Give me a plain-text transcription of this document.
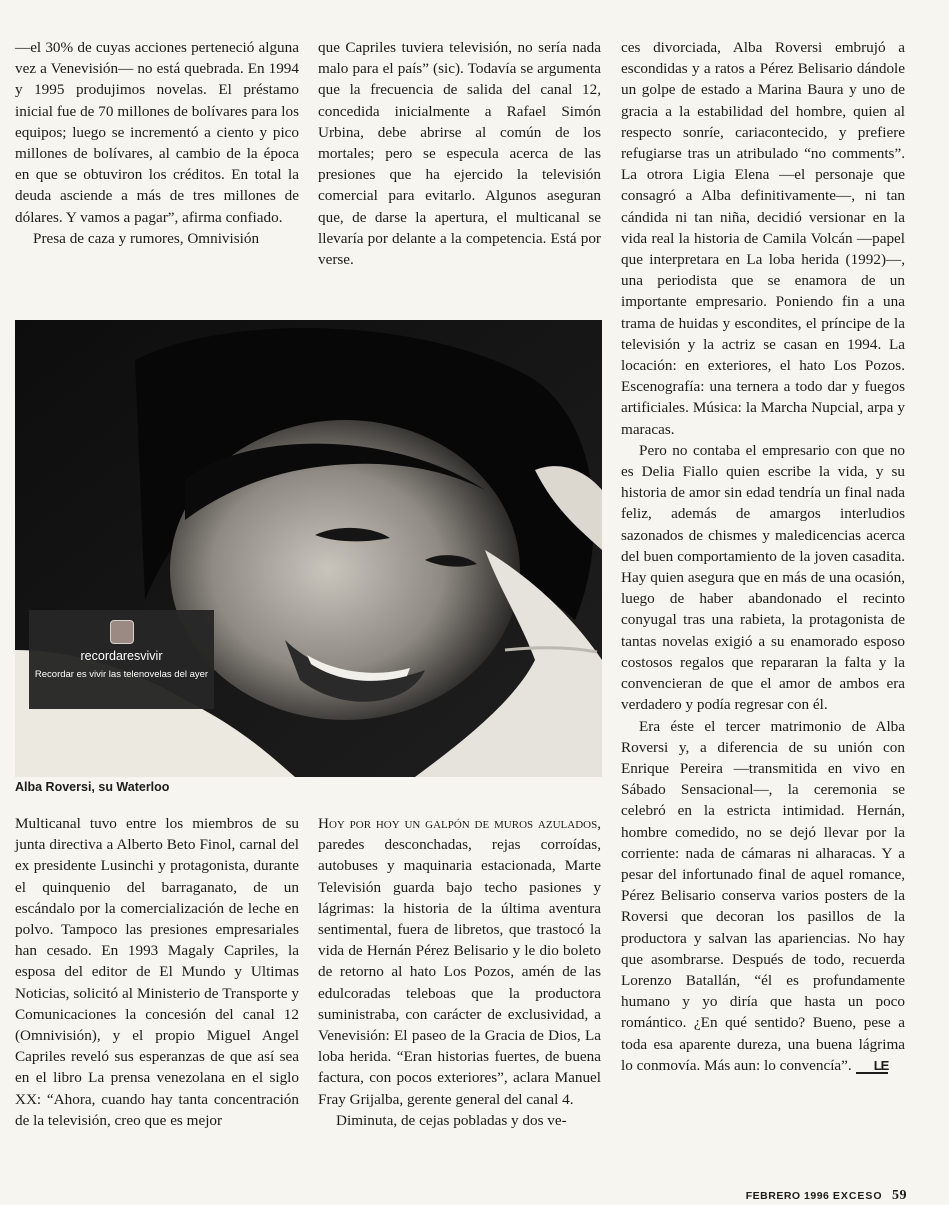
—el 30% de cuyas acciones perteneció alguna vez a Venevisión— no está quebrada. En 1994 y 1995 produjimos novelas. El préstamo inicial fue de 70 millones de bolívares para los equipos; luego se incrementó a ciento y pico millones de bolívares, al cambio de la época en que se obtuviron los créditos. En total la deuda asciende a más de tres millones de dólares. Y vamos a pagar”, afirma confiado.

Presa de caza y rumores, Omnivisión

que Capriles tuviera televisión, no sería nada malo para el país” (sic). Todavía se argumenta que la frecuencia de salida del canal 12, concedida inicialmente a Rafael Simón Urbina, debe abrirse al común de los mortales; pero se especula acerca de las presiones que ha ejercido la televisión comercial para evitarlo. Algunos aseguran que, de darse la apertura, el multicanal se llevaría por delante a la competencia. Está por verse.

ces divorciada, Alba Roversi embrujó a escondidas y a ratos a Pérez Belisario dándole un golpe de estado a Marina Baura y uno de gracia a la estabilidad del hombre, quien al respecto sonríe, cariacontecido, y prefiere refugiarse tras un atribulado “no comments”. La otrora Ligia Elena —el personaje que consagró a Alba definitivamente—, ni tan cándida ni tan niña, decidió versionar en la vida real la historia de Camila Volcán —papel que interpretara en La loba herida (1992)—, una periodista que se enamora de un importante empresario. Poniendo fin a una trama de huidas y escondites, el príncipe de la televisión y la actriz se casan en 1994. La locación: en exteriores, el hato Los Pozos. Escenografía: una ternera a todo dar y fuegos artificiales. Música: la Marcha Nupcial, arpa y maracas.

Pero no contaba el empresario con que no es Delia Fiallo quien escribe la vida, y su historia de amor sin edad tendría un final nada feliz, además de amargos interludios sazonados de chismes y maledicencias acerca del buen comportamiento de la joven casadita. Hay quien asegura que en más de una ocasión, luego de haber abandonado el recinto conyugal tras una rabieta, la protagonista de tantas novelas exigió a su enamorado esposo costosos regalos que repararan la falta y la convencieran de que el amor de ambos era verdadero y podía regresar con él.

Era éste el tercer matrimonio de Alba Roversi y, a diferencia de su unión con Enrique Pereira —transmitida en vivo en Sábado Sensacional—, la ceremonia se celebró en la estricta intimidad. Hernán, hombre comedido, no se dejó llevar por la corriente: nada de cámaras ni alharacas. Y a pesar del infortunado final de aquel romance, Pérez Belisario conserva varios posters de la Roversi que decoran los pasillos de la productora y salvan las apariencias. No hay que asombrarse. Después de todo, recuerda Lorenzo Batallán, “él es profundamente humano y yo diría que hasta un poco romántico. ¿En qué sentido? Bueno, pese a toda esa aparente dureza, una buena lágrima lo conmovía. Más aun: lo convencía”. LE

recordaresvivir
Recordar es vivir las telenovelas del ayer
Alba Roversi, su Waterloo

Multicanal tuvo entre los miembros de su junta directiva a Alberto Beto Finol, carnal del ex presidente Lusinchi y protagonista, durante el quinquenio del barraganato, de un escándalo por la comercialización de leche en polvo. Tampoco las presiones empresariales han cesado. En 1993 Magaly Capriles, la esposa del editor de El Mundo y Ultimas Noticias, solicitó al Ministerio de Transporte y Comunicaciones la concesión del canal 12 (Omnivisión), y el propio Miguel Angel Capriles reveló sus esperanzas de que así sea en el libro La prensa venezolana en el siglo XX: “Ahora, cuando hay tanta concentración de la televisión, creo que es mejor

Hoy por hoy un galpón de muros azulados, paredes desconchadas, rejas corroídas, autobuses y maquinaria estacionada, Marte Televisión guarda bajo techo pasiones y lágrimas: la historia de la última aventura sentimental, fuera de libretos, que trastocó la vida de Hernán Pérez Belisario y le dio boleto de retorno al hato Los Pozos, amén de las edulcoradas teleboas que la productora suministraba, con carácter de exclusividad, a Venevisión: El paseo de la Gracia de Dios, La loba herida. “Eran historias fuertes, de buena factura, con pocos exteriores”, aclara Manuel Fray Grijalba, gerente general del canal 4.

Diminuta, de cejas pobladas y dos ve-

FEBRERO 1996 EXCESO 59
